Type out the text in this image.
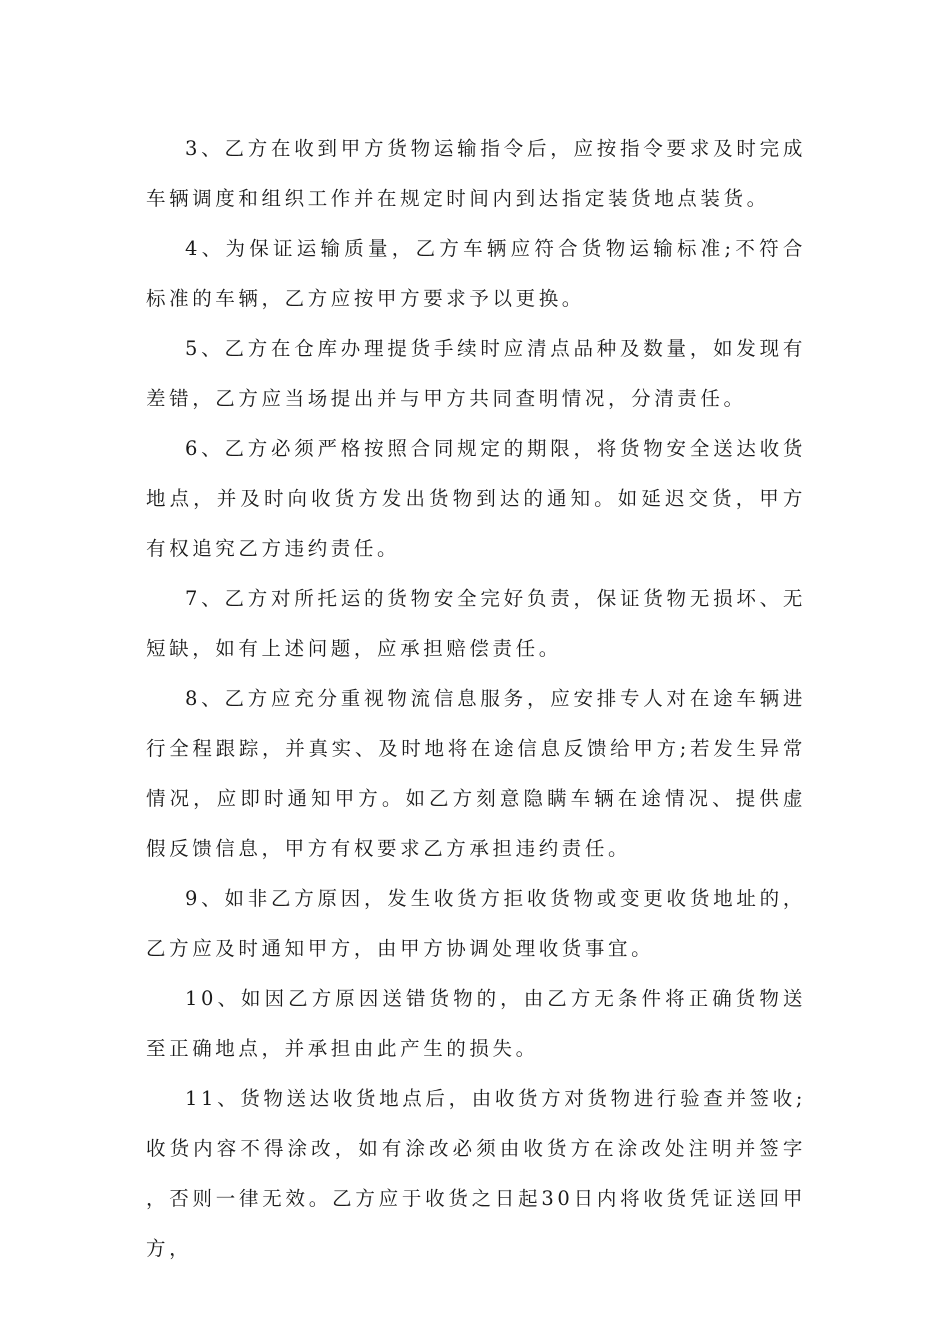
3、乙方在收到甲方货物运输指令后，应按指令要求及时完成车辆调度和组织工作并在规定时间内到达指定装货地点装货。

4、为保证运输质量，乙方车辆应符合货物运输标准;不符合标准的车辆，乙方应按甲方要求予以更换。

5、乙方在仓库办理提货手续时应清点品种及数量，如发现有差错，乙方应当场提出并与甲方共同查明情况，分清责任。

6、乙方必须严格按照合同规定的期限，将货物安全送达收货地点，并及时向收货方发出货物到达的通知。如延迟交货，甲方有权追究乙方违约责任。

7、乙方对所托运的货物安全完好负责，保证货物无损坏、无短缺，如有上述问题，应承担赔偿责任。

8、乙方应充分重视物流信息服务，应安排专人对在途车辆进行全程跟踪，并真实、及时地将在途信息反馈给甲方;若发生异常情况，应即时通知甲方。如乙方刻意隐瞒车辆在途情况、提供虚假反馈信息，甲方有权要求乙方承担违约责任。

9、如非乙方原因，发生收货方拒收货物或变更收货地址的，乙方应及时通知甲方，由甲方协调处理收货事宜。

10、如因乙方原因送错货物的，由乙方无条件将正确货物送至正确地点，并承担由此产生的损失。

11、货物送达收货地点后，由收货方对货物进行验查并签收;收货内容不得涂改，如有涂改必须由收货方在涂改处注明并签字，否则一律无效。乙方应于收货之日起30日内将收货凭证送回甲方，
